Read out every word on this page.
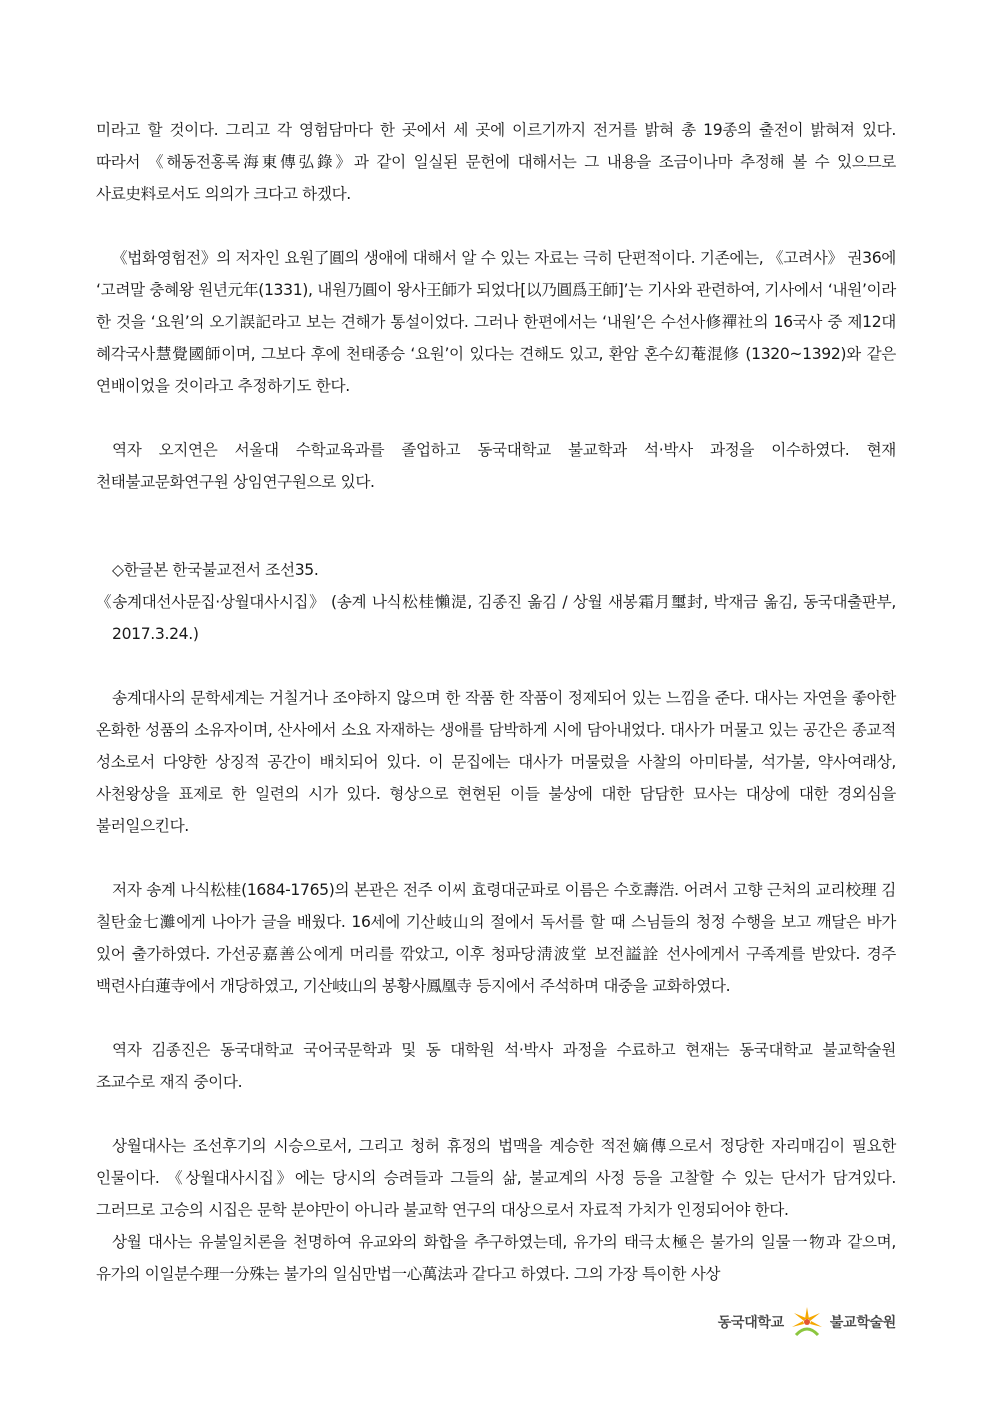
미라고 할 것이다. 그리고 각 영험담마다 한 곳에서 세 곳에 이르기까지 전거를 밝혀 총 19종의 출전이 밝혀져 있다. 따라서 《해동전홍록海東傳弘錄》과 같이 일실된 문헌에 대해서는 그 내용을 조금이나마 추정해 볼 수 있으므로 사료史料로서도 의의가 크다고 하겠다.

《법화영험전》의 저자인 요원了圓의 생애에 대해서 알 수 있는 자료는 극히 단편적이다. 기존에는, 《고려사》 권36에 ‘고려말 충혜왕 원년元年(1331), 내원乃圓이 왕사王師가 되었다[以乃圓爲王師]’는 기사와 관련하여, 기사에서 ‘내원’이라 한 것을 ‘요원’의 오기誤記라고 보는 견해가 통설이었다. 그러나 한편에서는 ‘내원’은 수선사修禪社의 16국사 중 제12대 혜각국사慧覺國師이며, 그보다 후에 천태종승 ‘요원’이 있다는 견해도 있고, 환암 혼수幻菴混修 (1320~1392)와 같은 연배이었을 것이라고 추정하기도 한다.

역자 오지연은 서울대 수학교육과를 졸업하고 동국대학교 불교학과 석·박사 과정을 이수하였다. 현재 천태불교문화연구원 상임연구원으로 있다.

◇한글본 한국불교전서 조선35.

《송계대선사문집·상월대사시집》 (송계 나식松桂懶湜, 김종진 옮김 / 상월 새봉霜月璽封, 박재금 옮김, 동국대출판부, 2017.3.24.)

송계대사의 문학세계는 거칠거나 조야하지 않으며 한 작품 한 작품이 정제되어 있는 느낌을 준다. 대사는 자연을 좋아한 온화한 성품의 소유자이며, 산사에서 소요 자재하는 생애를 담박하게 시에 담아내었다. 대사가 머물고 있는 공간은 종교적 성소로서 다양한 상징적 공간이 배치되어 있다. 이 문집에는 대사가 머물렀을 사찰의 아미타불, 석가불, 약사여래상, 사천왕상을 표제로 한 일련의 시가 있다. 형상으로 현현된 이들 불상에 대한 담담한 묘사는 대상에 대한 경외심을 불러일으킨다.

저자 송계 나식松桂(1684-1765)의 본관은 전주 이씨 효령대군파로 이름은 수호壽浩. 어려서 고향 근처의 교리校理 김 칠탄金七灘에게 나아가 글을 배웠다. 16세에 기산岐山의 절에서 독서를 할 때 스님들의 청정 수행을 보고 깨달은 바가 있어 출가하였다. 가선공嘉善公에게 머리를 깎았고, 이후 청파당淸波堂 보전謚詮 선사에게서 구족계를 받았다. 경주 백련사白蓮寺에서 개당하였고, 기산岐山의 봉황사鳳凰寺 등지에서 주석하며 대중을 교화하였다.

역자 김종진은 동국대학교 국어국문학과 및 동 대학원 석·박사 과정을 수료하고 현재는 동국대학교 불교학술원 조교수로 재직 중이다.

상월대사는 조선후기의 시승으로서, 그리고 청허 휴정의 법맥을 계승한 적전嫡傳으로서 정당한 자리매김이 필요한 인물이다. 《상월대사시집》에는 당시의 승려들과 그들의 삶, 불교계의 사정 등을 고찰할 수 있는 단서가 담겨있다. 그러므로 고승의 시집은 문학 분야만이 아니라 불교학 연구의 대상으로서 자료적 가치가 인정되어야 한다.

상월 대사는 유불일치론을 천명하여 유교와의 화합을 추구하였는데, 유가의 태극太極은 불가의 일물一物과 같으며, 유가의 이일분수理一分殊는 불가의 일심만법一心萬法과 같다고 하였다. 그의 가장 특이한 사상

동국대학교	불교학술원
